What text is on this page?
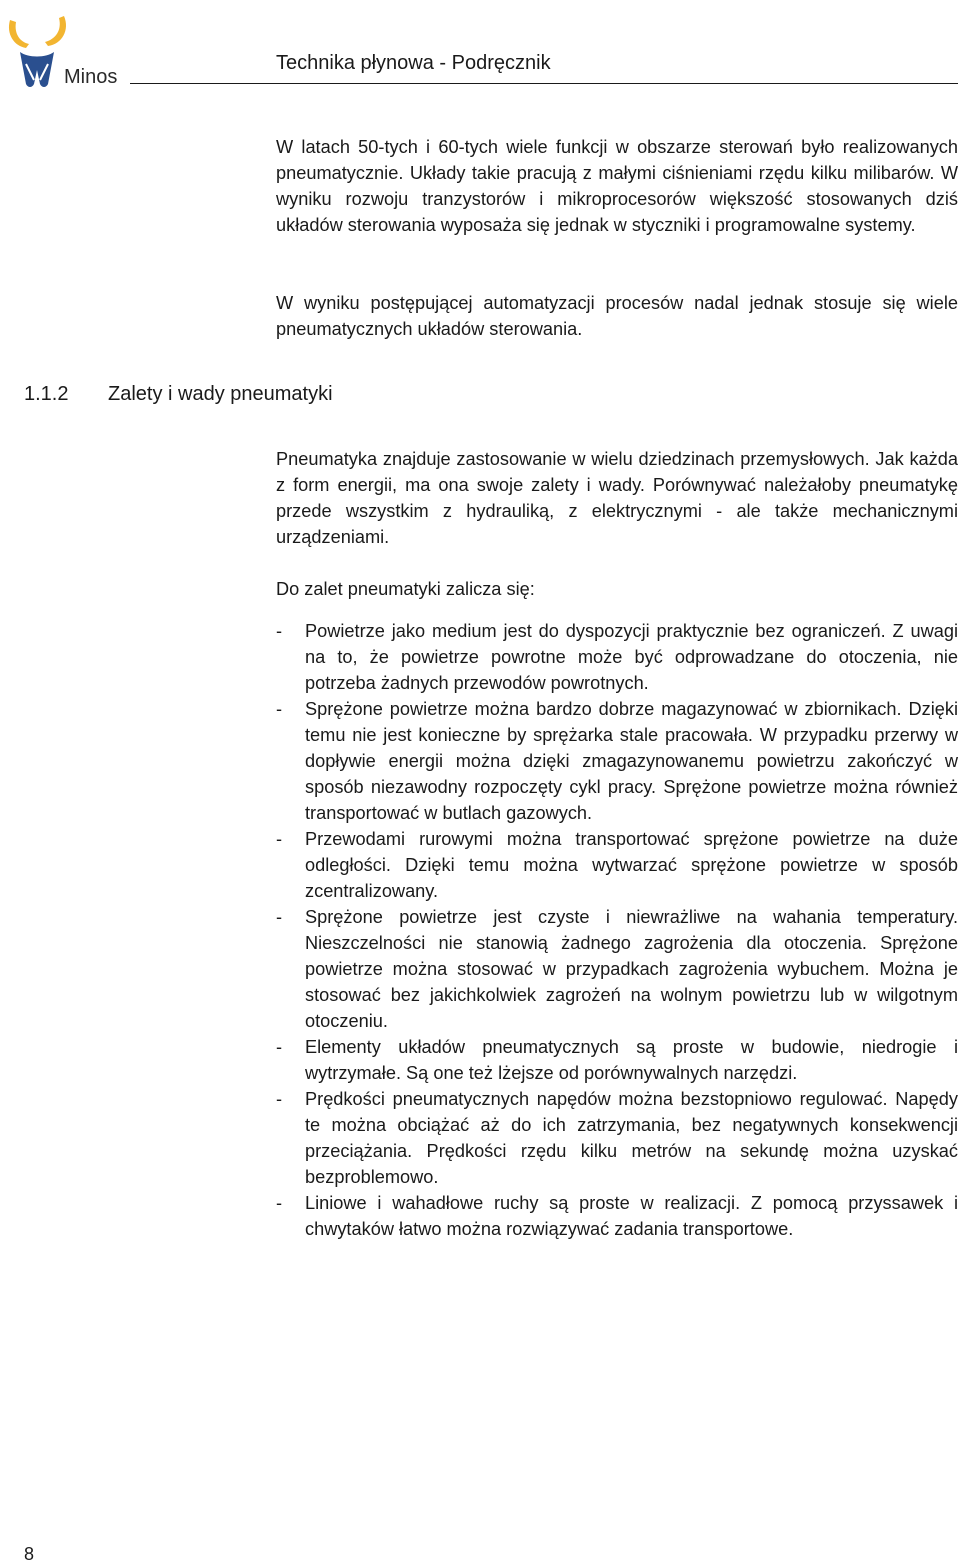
Minos
Technika płynowa - Podręcznik
W latach 50-tych i 60-tych wiele funkcji w obszarze sterowań było realizowanych pneumatycznie. Układy takie pracują z małymi ciśnieniami rzędu kilku milibarów. W wyniku rozwoju tranzystorów i mikroprocesorów większość stosowanych dziś układów sterowania wyposaża się jednak w styczniki i programowalne systemy.
W wyniku postępującej automatyzacji procesów nadal jednak stosuje się wiele pneumatycznych układów sterowania.
1.1.2 Zalety i wady pneumatyki
Pneumatyka znajduje zastosowanie w wielu dziedzinach przemysłowych. Jak każda z form energii, ma ona swoje zalety i wady. Porównywać należałoby pneumatykę przede wszystkim z hydrauliką, z elektrycznymi - ale także mechanicznymi urządzeniami.
Do zalet pneumatyki zalicza się:
- Powietrze jako medium jest do dyspozycji praktycznie bez ograniczeń. Z uwagi na to, że powietrze powrotne może być odprowadzane do otoczenia, nie potrzeba żadnych przewodów powrotnych.
- Sprężone powietrze można bardzo dobrze magazynować w zbiornikach. Dzięki temu nie jest konieczne by sprężarka stale pracowała. W przypadku przerwy w dopływie energii można dzięki zmagazynowanemu powietrzu zakończyć w sposób niezawodny rozpoczęty cykl pracy. Sprężone powietrze można również transportować w butlach gazowych.
- Przewodami rurowymi można transportować sprężone powietrze na duże odległości. Dzięki temu można wytwarzać sprężone powietrze w sposób zcentralizowany.
- Sprężone powietrze jest czyste i niewrażliwe na wahania temperatury. Nieszczelności nie stanowią żadnego zagrożenia dla otoczenia. Sprężone powietrze można stosować w przypadkach zagrożenia wybuchem. Można je stosować bez jakichkolwiek zagrożeń na wolnym powietrzu lub w wilgotnym otoczeniu.
- Elementy układów pneumatycznych są proste w budowie, niedrogie i wytrzymałe. Są one też lżejsze od porównywalnych narzędzi.
- Prędkości pneumatycznych napędów można bezstopniowo regulować. Napędy te można obciążać aż do ich zatrzymania, bez negatywnych konsekwencji przeciążania. Prędkości rzędu kilku metrów na sekundę można uzyskać bezproblemowo.
- Liniowe i wahadłowe ruchy są proste w realizacji. Z pomocą przyssawek i chwytaków łatwo można rozwiązywać zadania transportowe.
8
